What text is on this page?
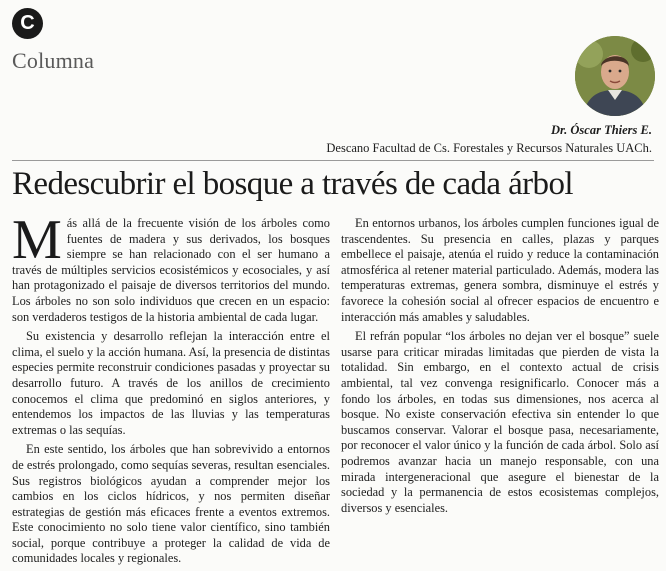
C
Columna
Dr. Óscar Thiers E.
Descano Facultad de Cs. Forestales y Recursos Naturales UACh.
Redescubrir el bosque a través de cada árbol

Más allá de la frecuente visión de los árboles como fuentes de madera y sus derivados, los bosques siempre se han relacionado con el ser humano a través de múltiples servicios ecosistémicos y ecosociales, y así han protagonizado el paisaje de diversos territorios del mundo. Los árboles no son solo individuos que crecen en un espacio: son verdaderos testigos de la historia ambiental de cada lugar.

Su existencia y desarrollo reflejan la interacción entre el clima, el suelo y la acción humana. Así, la presencia de distintas especies permite reconstruir condiciones pasadas y proyectar su desarrollo futuro. A través de los anillos de crecimiento conocemos el clima que predominó en siglos anteriores, y entendemos los impactos de las lluvias y las temperaturas extremas o las sequías.

En este sentido, los árboles que han sobrevivido a entornos de estrés prolongado, como sequías severas, resultan esenciales. Sus registros biológicos ayudan a comprender mejor los cambios en los ciclos hídricos, y nos permiten diseñar estrategias de gestión más eficaces frente a eventos extremos. Este conocimiento no solo tiene valor científico, sino también social, porque contribuye a proteger la calidad de vida de comunidades locales y regionales.

En entornos urbanos, los árboles cumplen funciones igual de trascendentes. Su presencia en calles, plazas y parques embellece el paisaje, atenúa el ruido y reduce la contaminación atmosférica al retener material particulado. Además, modera las temperaturas extremas, genera sombra, disminuye el estrés y favorece la cohesión social al ofrecer espacios de encuentro e interacción más amables y saludables.

El refrán popular “los árboles no dejan ver el bosque” suele usarse para criticar miradas limitadas que pierden de vista la totalidad. Sin embargo, en el contexto actual de crisis ambiental, tal vez convenga resignificarlo. Conocer más a fondo los árboles, en todas sus dimensiones, nos acerca al bosque. No existe conservación efectiva sin entender lo que buscamos conservar. Valorar el bosque pasa, necesariamente, por reconocer el valor único y la función de cada árbol. Solo así podremos avanzar hacia un manejo responsable, con una mirada intergeneracional que asegure el bienestar de la sociedad y la permanencia de estos ecosistemas complejos, diversos y esenciales.
